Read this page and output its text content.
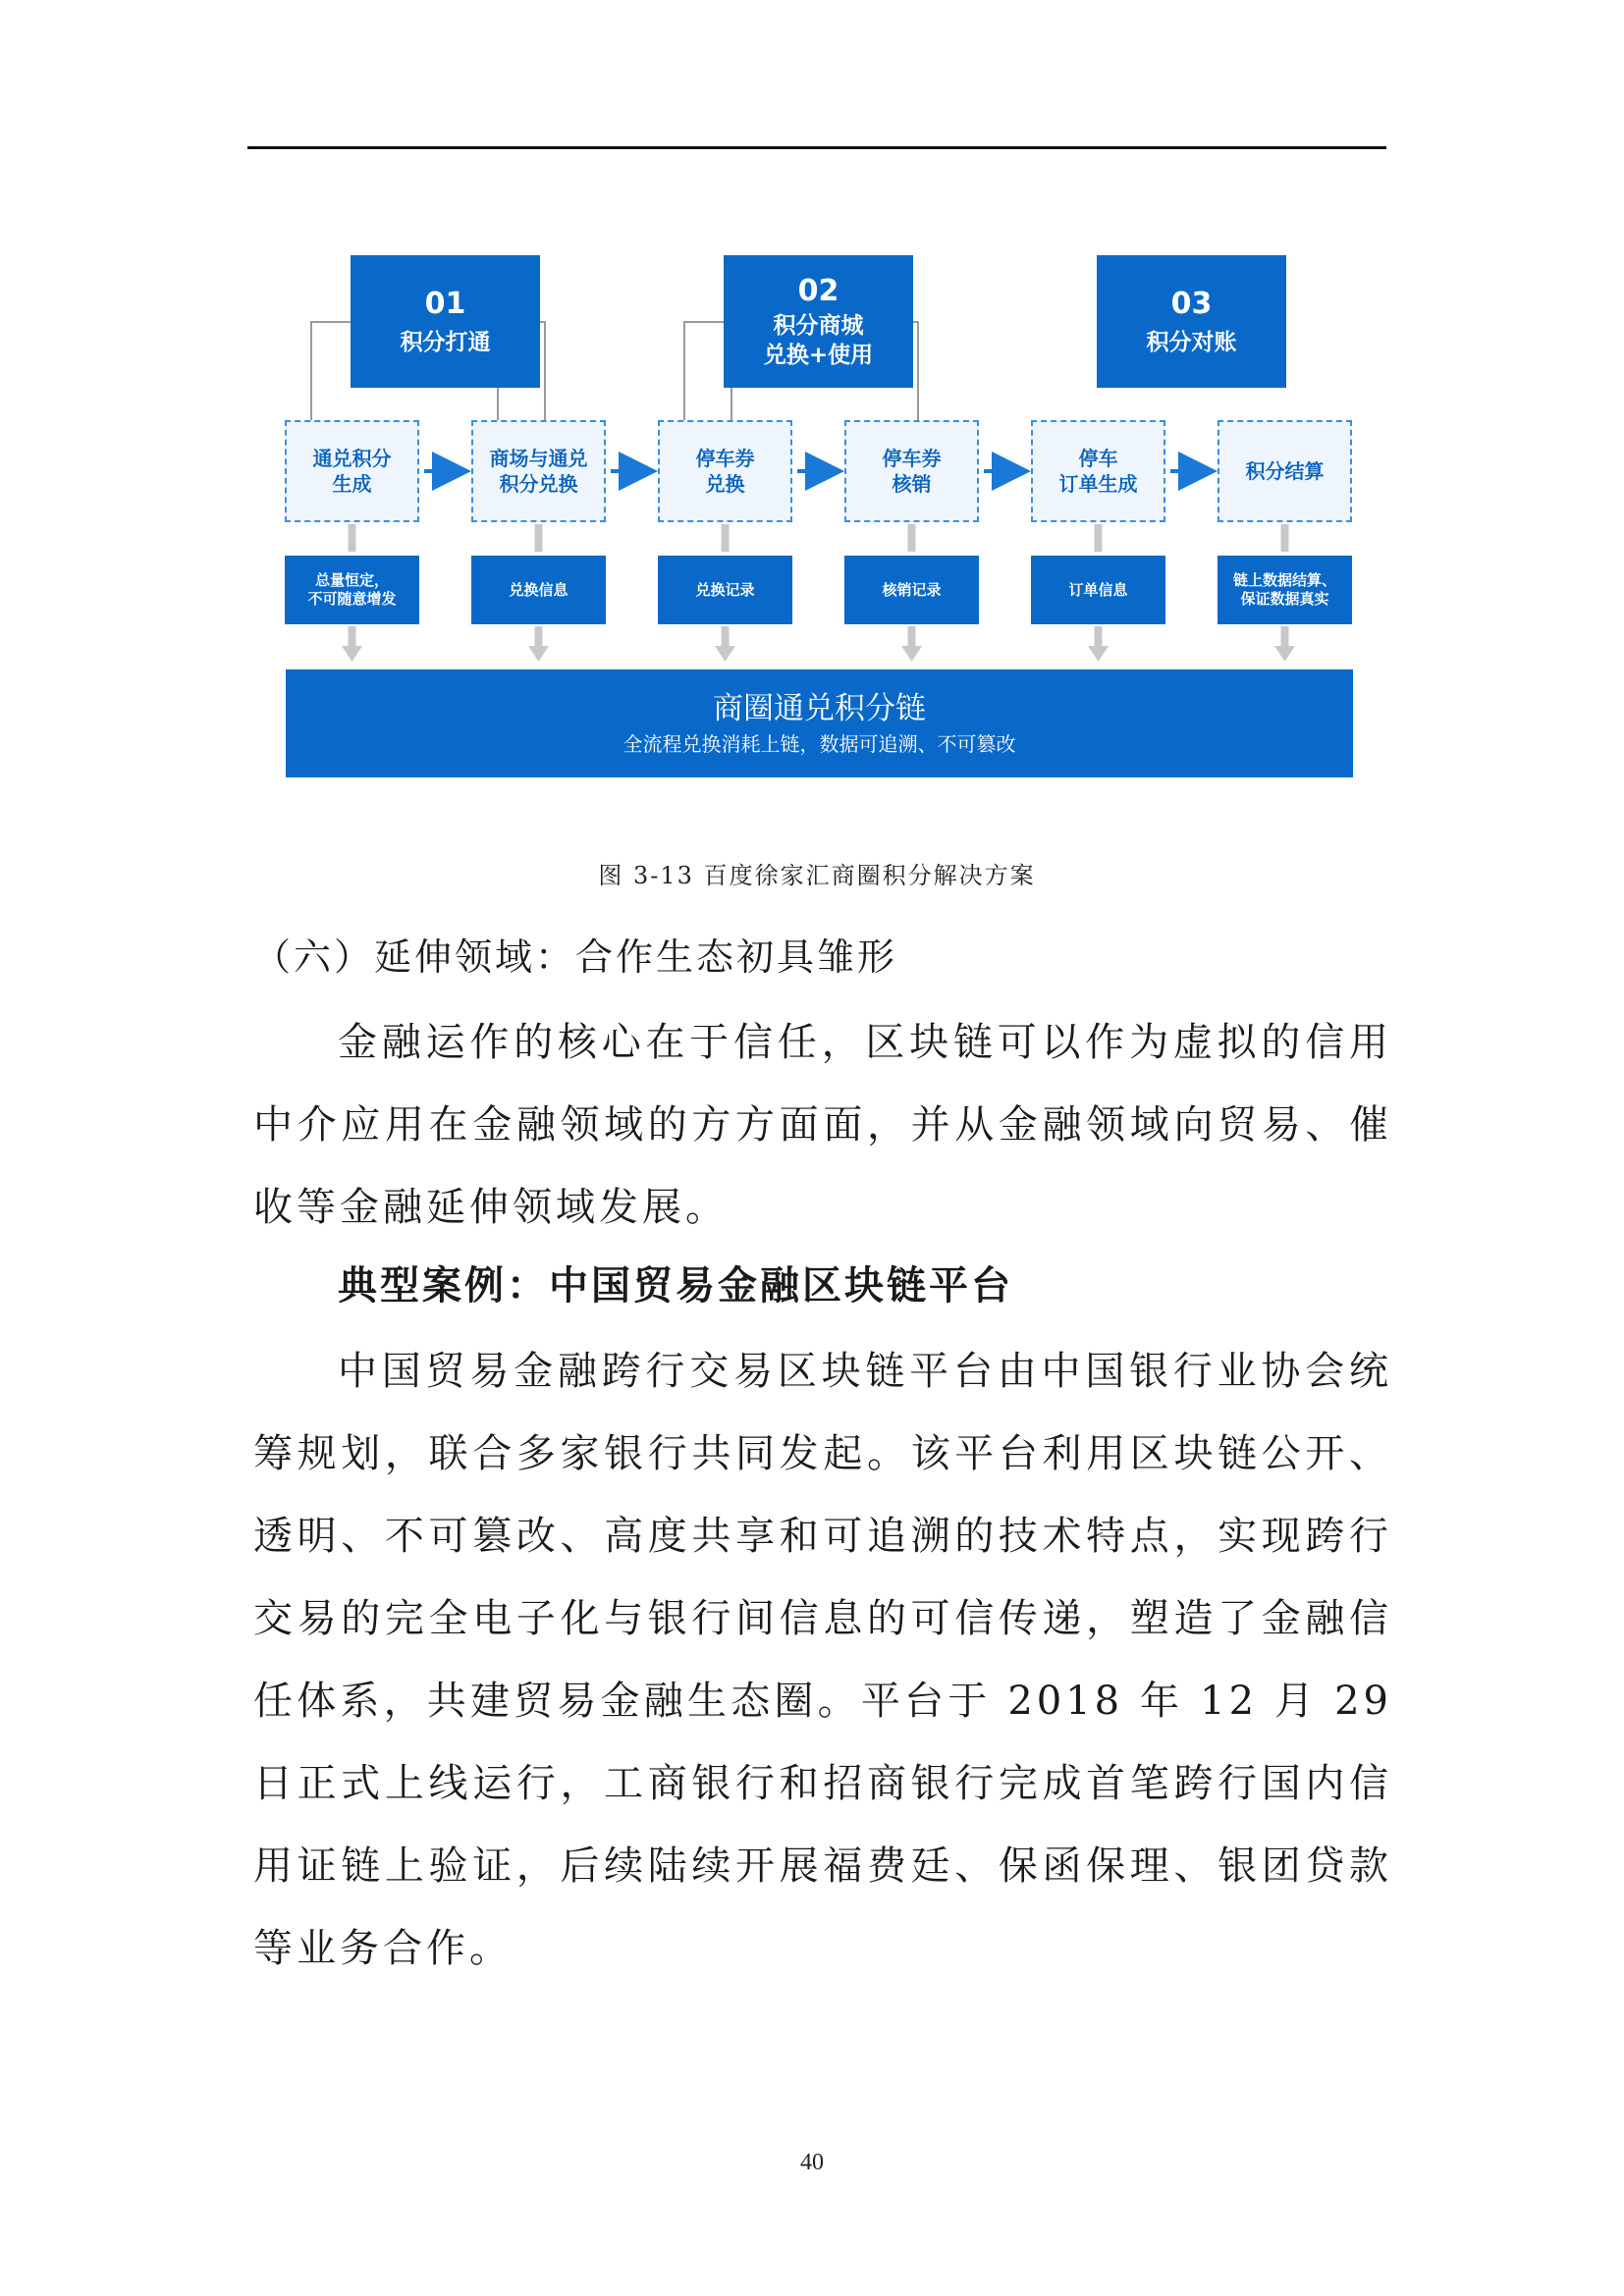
01
积分打通
02
积分商城
兑换+使用
03
积分对账
通兑积分
生成
商场与通兑
积分兑换
停车券
兑换
停车券
核销
停车
订单生成
积分结算
总量恒定，
不可随意增发
兑换信息	兑换记录	核销记录	订单信息
链上数据结算、
保证数据真实
商圈通兑积分链
全流程兑换消耗上链，数据可追溯、不可篡改
图 3-13 百度徐家汇商圈积分解决方案
（六）延伸领域：合作生态初具雏形

金融运作的核心在于信任，区块链可以作为虚拟的信用中介应用在金融领域的方方面面，并从金融领域向贸易、催收等金融延伸领域发展。

典型案例：中国贸易金融区块链平台

中国贸易金融跨行交易区块链平台由中国银行业协会统筹规划，联合多家银行共同发起。该平台利用区块链公开、透明、不可篡改、高度共享和可追溯的技术特点，实现跨行交易的完全电子化与银行间信息的可信传递，塑造了金融信任体系，共建贸易金融生态圈。平台于 2018 年 12 月 29 日正式上线运行，工商银行和招商银行完成首笔跨行国内信用证链上验证，后续陆续开展福费廷、保函保理、银团贷款等业务合作。

40
